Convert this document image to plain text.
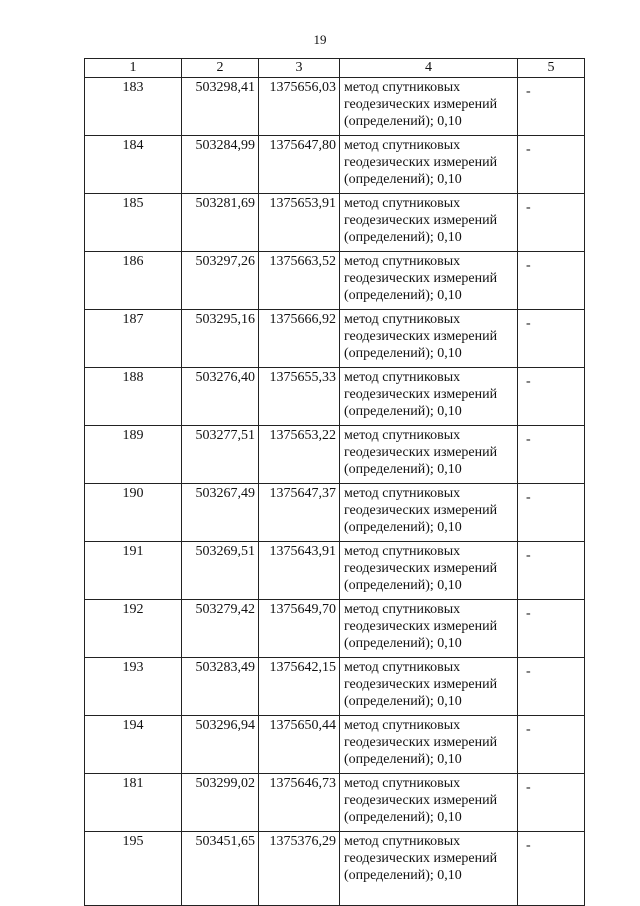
19
1	2	3	4	5
183	503298,41	1375656,03	метод спутниковых геодезических измерений (определений); 0,10	-
184	503284,99	1375647,80	метод спутниковых геодезических измерений (определений); 0,10	-
185	503281,69	1375653,91	метод спутниковых геодезических измерений (определений); 0,10	-
186	503297,26	1375663,52	метод спутниковых геодезических измерений (определений); 0,10	-
187	503295,16	1375666,92	метод спутниковых геодезических измерений (определений); 0,10	-
188	503276,40	1375655,33	метод спутниковых геодезических измерений (определений); 0,10	-
189	503277,51	1375653,22	метод спутниковых геодезических измерений (определений); 0,10	-
190	503267,49	1375647,37	метод спутниковых геодезических измерений (определений); 0,10	-
191	503269,51	1375643,91	метод спутниковых геодезических измерений (определений); 0,10	-
192	503279,42	1375649,70	метод спутниковых геодезических измерений (определений); 0,10	-
193	503283,49	1375642,15	метод спутниковых геодезических измерений (определений); 0,10	-
194	503296,94	1375650,44	метод спутниковых геодезических измерений (определений); 0,10	-
181	503299,02	1375646,73	метод спутниковых геодезических измерений (определений); 0,10	-
195	503451,65	1375376,29	метод спутниковых геодезических измерений (определений); 0,10	-
